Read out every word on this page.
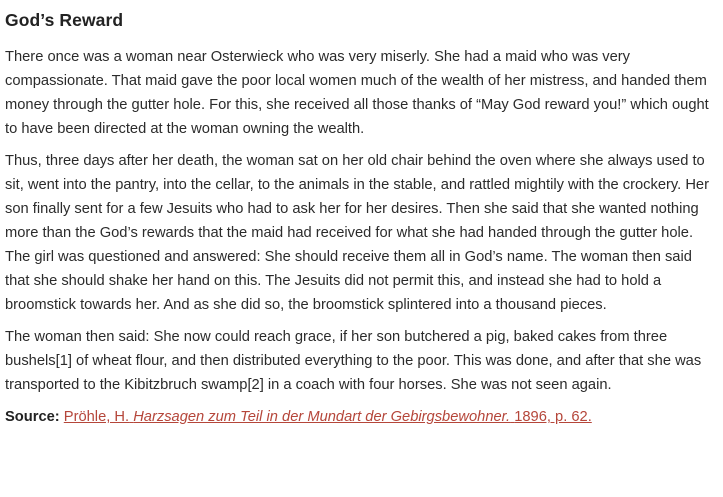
God’s Reward

There once was a woman near Osterwieck who was very miserly. She had a maid who was very compassionate. That maid gave the poor local women much of the wealth of her mistress, and handed them money through the gutter hole. For this, she received all those thanks of “May God reward you!” which ought to have been directed at the woman owning the wealth.

Thus, three days after her death, the woman sat on her old chair behind the oven where she always used to sit, went into the pantry, into the cellar, to the animals in the stable, and rattled mightily with the crockery. Her son finally sent for a few Jesuits who had to ask her for her desires. Then she said that she wanted nothing more than the God’s rewards that the maid had received for what she had handed through the gutter hole. The girl was questioned and answered: She should receive them all in God’s name. The woman then said that she should shake her hand on this. The Jesuits did not permit this, and instead she had to hold a broomstick towards her. And as she did so, the broomstick splintered into a thousand pieces.

The woman then said: She now could reach grace, if her son butchered a pig, baked cakes from three bushels[1] of wheat flour, and then distributed everything to the poor. This was done, and after that she was transported to the Kibitzbruch swamp[2] in a coach with four horses. She was not seen again.

Source: Pröhle, H. Harzsagen zum Teil in der Mundart der Gebirgsbewohner. 1896, p. 62.
